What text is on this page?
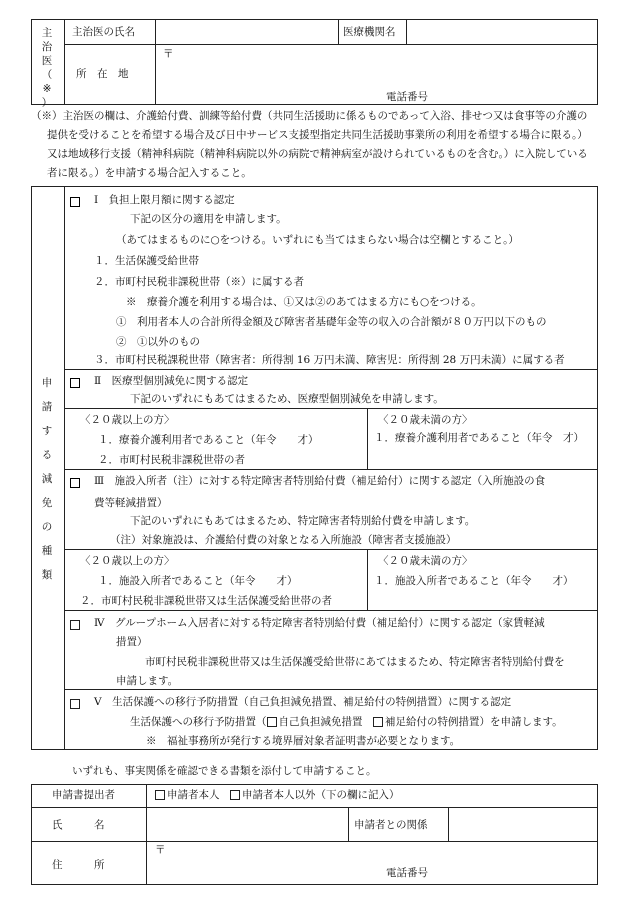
主
治
医
（
※
）
主治医の氏名	医療機関名
所　在　地
〒
電話番号
（※）主治医の欄は、介護給付費、訓練等給付費（共同生活援助に係るものであって入浴、排せつ又は食事等の介護の提供を受けることを希望する場合及び日中サービス支援型指定共同生活援助事業所の利用を希望する場合に限る。）又は地域移行支援（精神科病院（精神科病院以外の病院で精神病室が設けられているものを含む。）に入院している者に限る。）を申請する場合記入すること。
申
請
す
る
減
免
の
種
類
Ⅰ　負担上限月額に関する認定
下記の区分の適用を申請します。
（あてはまるものに○をつける。いずれにも当てはまらない場合は空欄とすること。）
１．生活保護受給世帯
２．市町村民税非課税世帯（※）に属する者
※　療養介護を利用する場合は、①又は②のあてはまる方にも○をつける。
①　利用者本人の合計所得金額及び障害者基礎年金等の収入の合計額が８０万円以下のもの
②　①以外のもの
３．市町村民税課税世帯（障害者：所得割 16 万円未満、障害児：所得割 28 万円未満）に属する者
Ⅱ　医療型個別減免に関する認定
下記のいずれにもあてはまるため、医療型個別減免を申請します。
〈２０歳以上の方〉
１．療養介護利用者であること（年令　　才）
２．市町村民税非課税世帯の者
〈２０歳未満の方〉
１．療養介護利用者であること（年令　才）
Ⅲ　施設入所者（注）に対する特定障害者特別給付費（補足給付）に関する認定（入所施設の食
費等軽減措置）
下記のいずれにもあてはまるため、特定障害者特別給付費を申請します。
（注）対象施設は、介護給付費の対象となる入所施設（障害者支援施設）
〈２０歳以上の方〉
１．施設入所者であること（年令　　才）
２．市町村民税非課税世帯又は生活保護受給世帯の者
〈２０歳未満の方〉
１．施設入所者であること（年令　　才）
Ⅳ　グループホーム入居者に対する特定障害者特別給付費（補足給付）に関する認定（家賃軽減
措置）
市町村民税非課税世帯又は生活保護受給世帯にあてはまるため、特定障害者特別給付費を
申請します。
Ⅴ　生活保護への移行予防措置（自己負担減免措置、補足給付の特例措置）に関する認定
生活保護への移行予防措置（ 自己負担減免措置　補足給付の特例措置）を申請します。
※　福祉事務所が発行する境界層対象者証明書が必要となります。
いずれも、事実関係を確認できる書類を添付して申請すること。
申請書提出者	申請者本人　 申請者本人以外（下の欄に記入）
氏　　　名	申請者との関係
住　　　所
〒
電話番号
